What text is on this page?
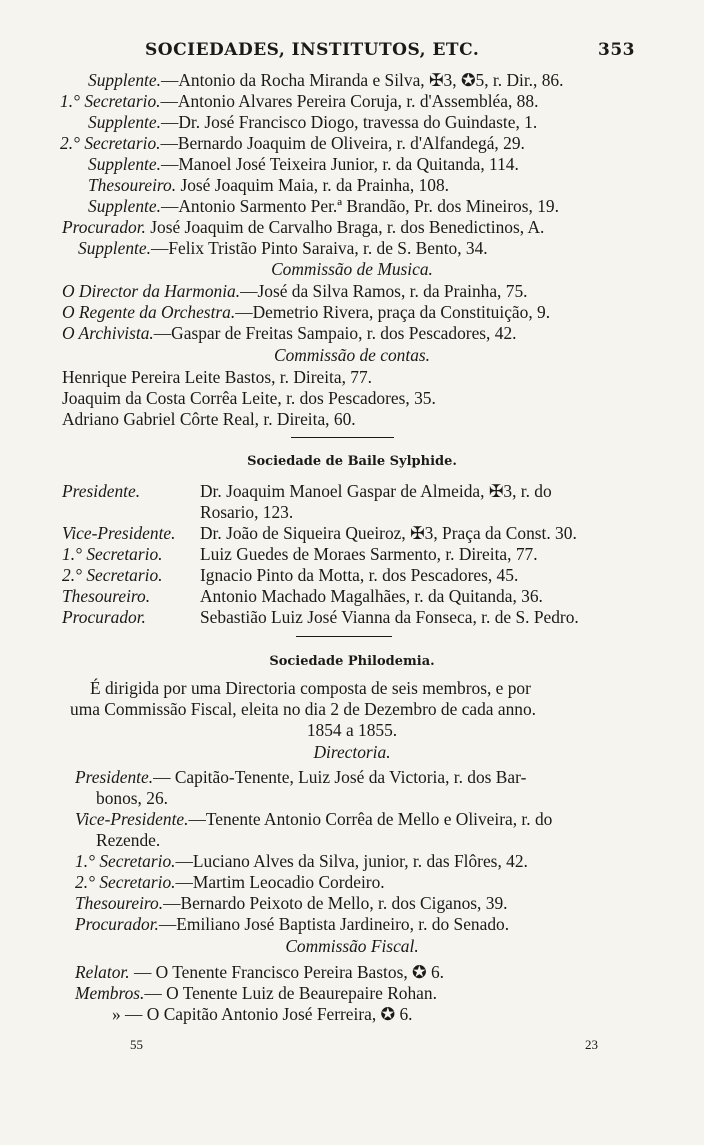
SOCIEDADES, INSTITUTOS, ETC.	353
Supplente.—Antonio da Rocha Miranda e Silva, ✠3, ✪5, r. Dir., 86.
1.° Secretario.—Antonio Alvares Pereira Coruja, r. d'Assembléa, 88.
Supplente.—Dr. José Francisco Diogo, travessa do Guindaste, 1.
2.° Secretario.—Bernardo Joaquim de Oliveira, r. d'Alfandegá, 29.
Supplente.—Manoel José Teixeira Junior, r. da Quitanda, 114.
Thesoureiro. José Joaquim Maia, r. da Prainha, 108.
Supplente.—Antonio Sarmento Per.ª Brandão, Pr. dos Mineiros, 19.
Procurador. José Joaquim de Carvalho Braga, r. dos Benedictinos, A.
Supplente.—Felix Tristão Pinto Saraiva, r. de S. Bento, 34.
Commissão de Musica.
O Director da Harmonia.—José da Silva Ramos, r. da Prainha, 75.
O Regente da Orchestra.—Demetrio Rivera, praça da Constituição, 9.
O Archivista.—Gaspar de Freitas Sampaio, r. dos Pescadores, 42.
Commissão de contas.
Henrique Pereira Leite Bastos, r. Direita, 77.
Joaquim da Costa Corrêa Leite, r. dos Pescadores, 35.
Adriano Gabriel Côrte Real, r. Direita, 60.
Sociedade de Baile Sylphide.
Presidente.	Dr. Joaquim Manoel Gaspar de Almeida, ✠3, r. do
Rosario, 123.
Vice-Presidente. Dr. João de Siqueira Queiroz, ✠3, Praça da Const. 30.
1.° Secretario. Luiz Guedes de Moraes Sarmento, r. Direita, 77.
2.° Secretario. Ignacio Pinto da Motta, r. dos Pescadores, 45.
Thesoureiro.	Antonio Machado Magalhães, r. da Quitanda, 36.
Procurador.	Sebastião Luiz José Vianna da Fonseca, r. de S. Pedro.
Sociedade Philodemia.
É dirigida por uma Directoria composta de seis membros, e por
uma Commissão Fiscal, eleita no dia 2 de Dezembro de cada anno.
1854 a 1855.
Directoria.
Presidente.— Capitão-Tenente, Luiz José da Victoria, r. dos Bar-
bonos, 26.
Vice-Presidente.—Tenente Antonio Corrêa de Mello e Oliveira, r. do
Rezende.
1.° Secretario.—Luciano Alves da Silva, junior, r. das Flôres, 42.
2.° Secretario.—Martim Leocadio Cordeiro.
Thesoureiro.—Bernardo Peixoto de Mello, r. dos Ciganos, 39.
Procurador.—Emiliano José Baptista Jardineiro, r. do Senado.
Commissão Fiscal.
Relator. — O Tenente Francisco Pereira Bastos, ✪ 6.
Membros.— O Tenente Luiz de Beaurepaire Rohan.
» — O Capitão Antonio José Ferreira, ✪ 6.
55	23
